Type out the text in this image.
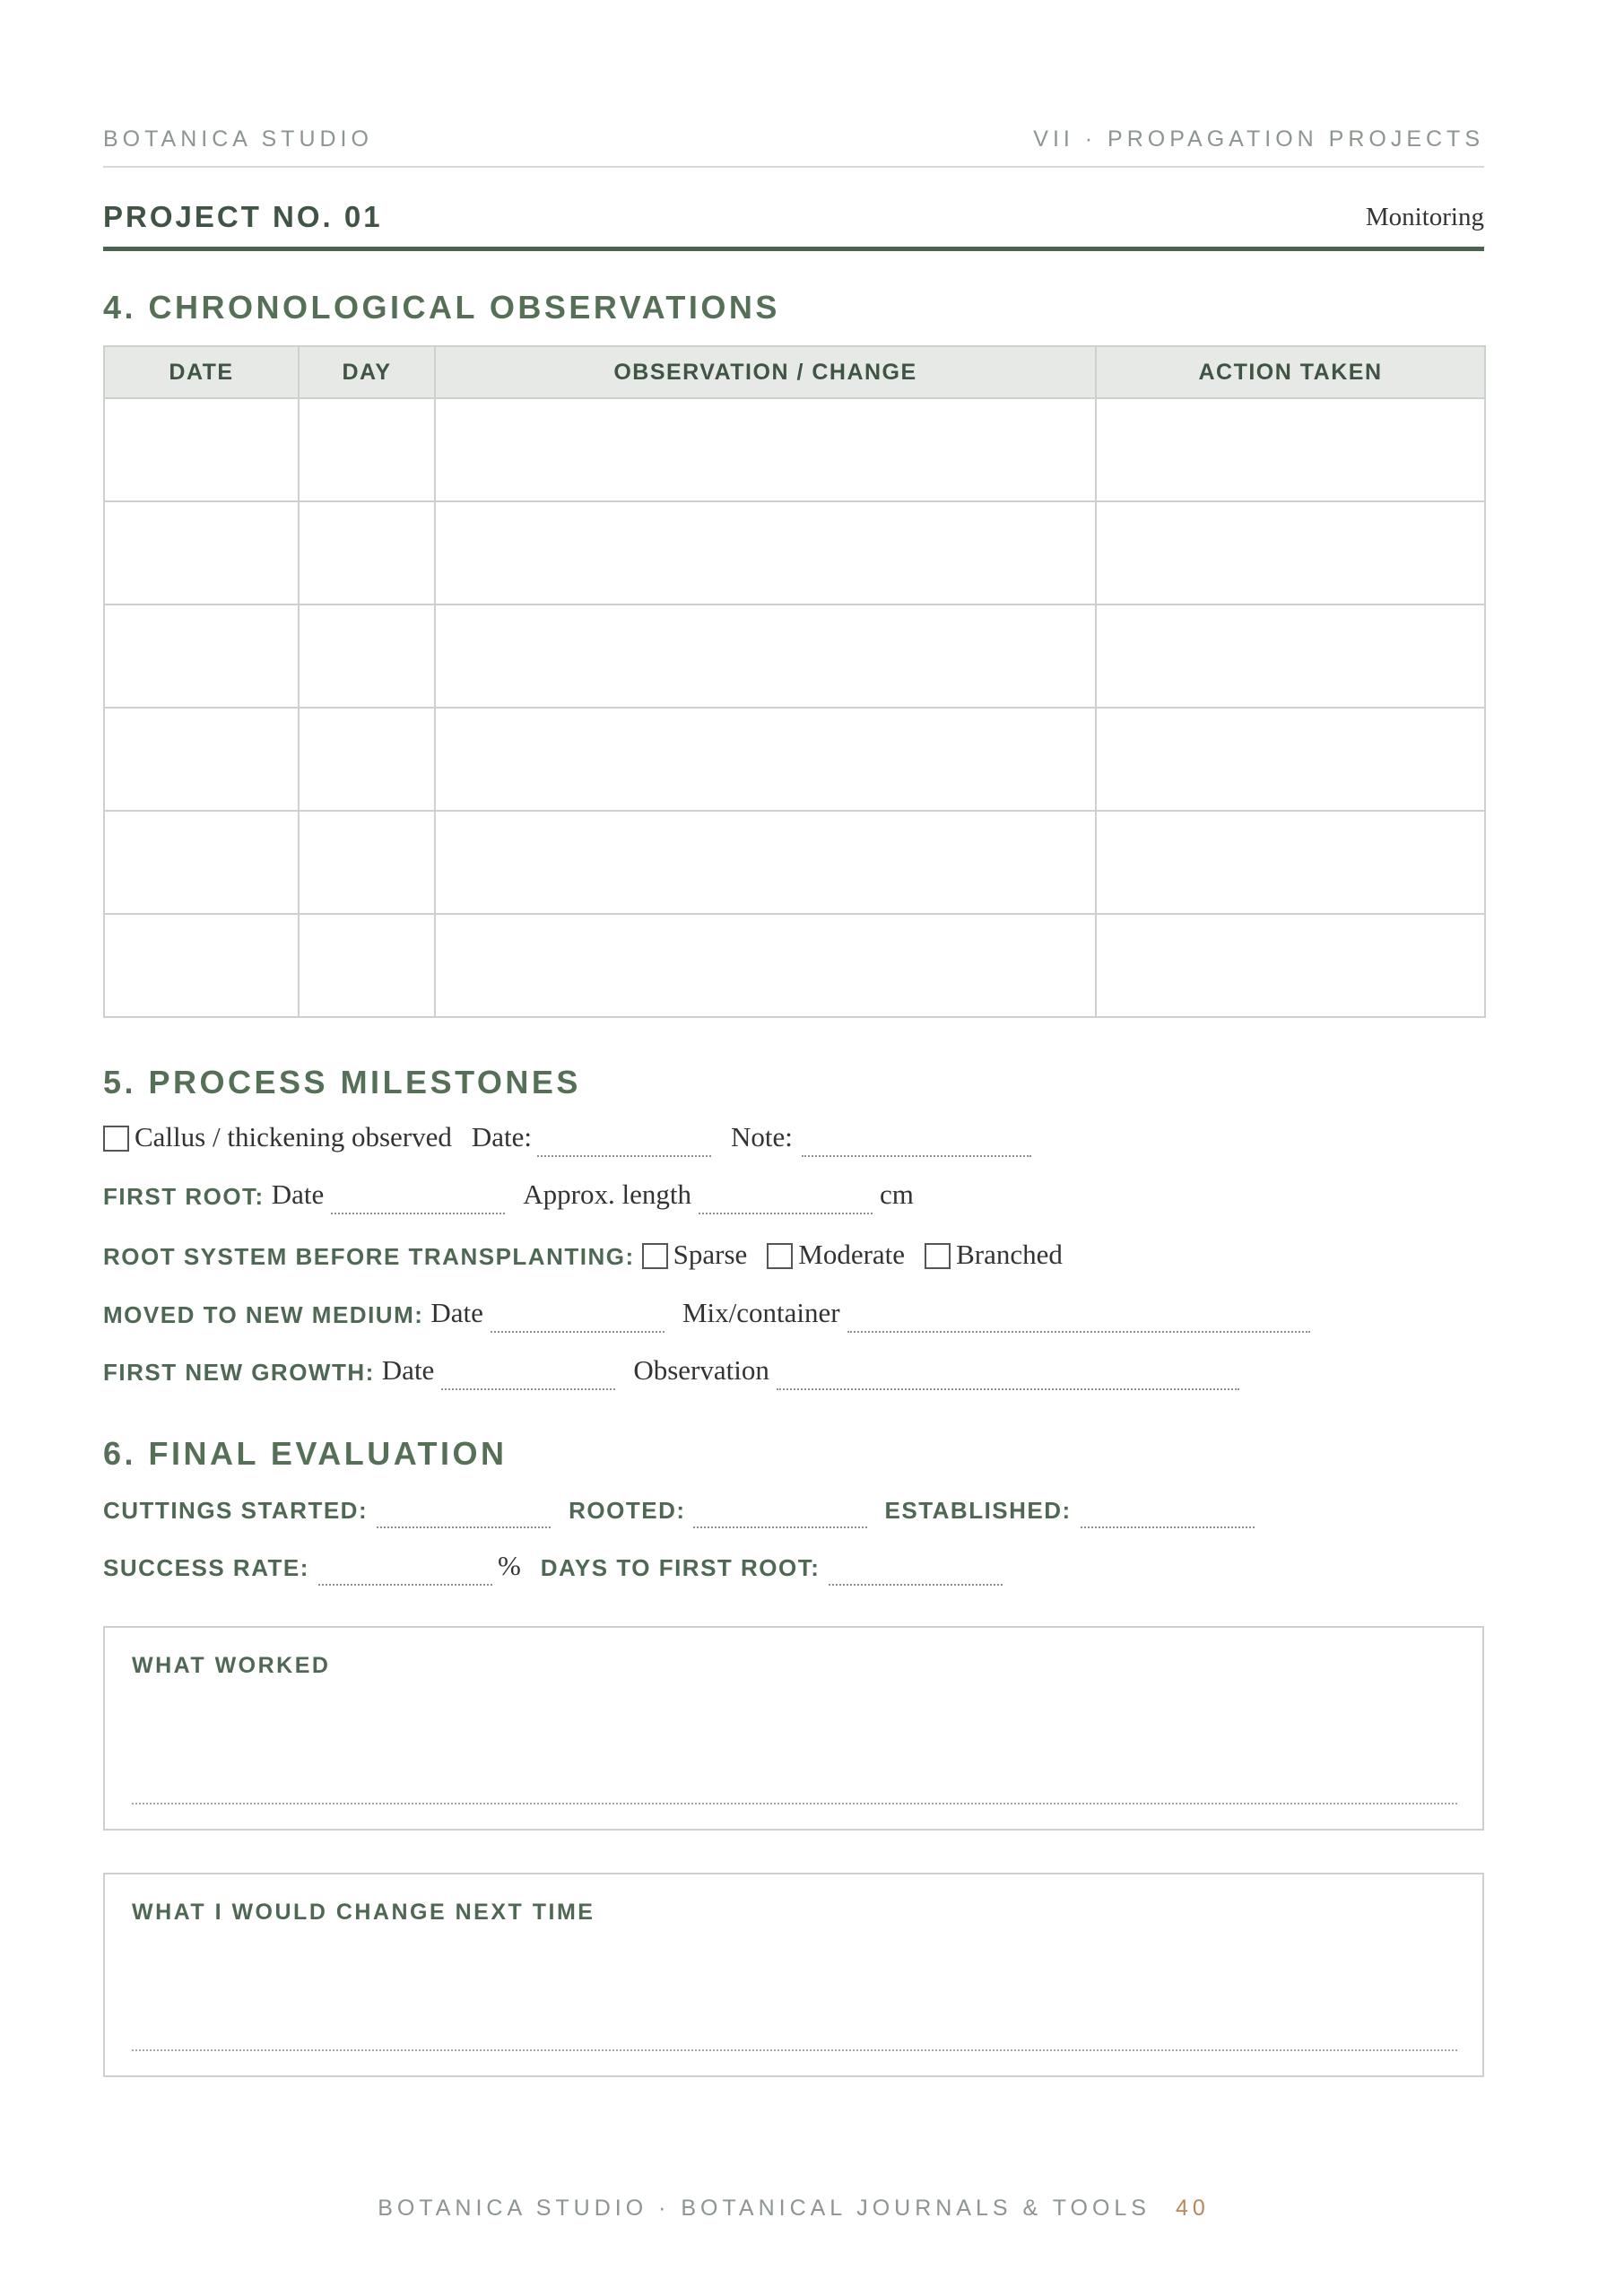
BOTANICA STUDIO	VII · PROPAGATION PROJECTS
PROJECT NO. 01	Monitoring
4. CHRONOLOGICAL OBSERVATIONS
DATE	DAY	OBSERVATION / CHANGE	ACTION TAKEN

5. PROCESS MILESTONES
Callus / thickening observed Date:	Note:
FIRST ROOT: Date	Approx. length	cm
ROOT SYSTEM BEFORE TRANSPLANTING: Sparse Moderate Branched
MOVED TO NEW MEDIUM: Date	Mix/container
FIRST NEW GROWTH: Date	Observation
6. FINAL EVALUATION
CUTTINGS STARTED:	ROOTED:	ESTABLISHED:
SUCCESS RATE:	% DAYS TO FIRST ROOT:
WHAT WORKED
WHAT I WOULD CHANGE NEXT TIME
BOTANICA STUDIO · BOTANICAL JOURNALS & TOOLS 40
